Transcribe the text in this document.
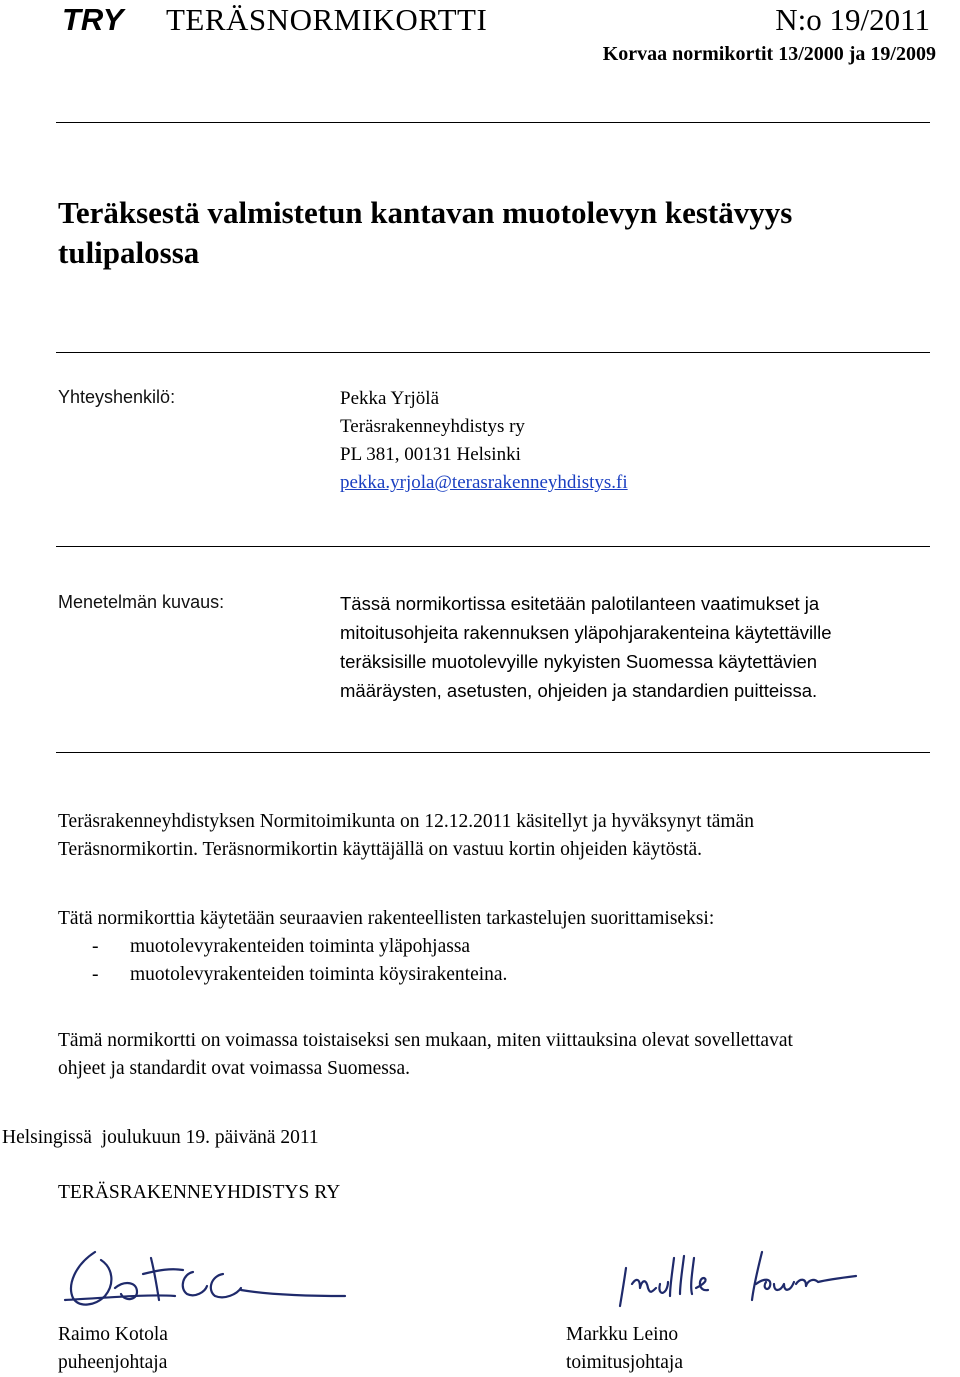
TRY TERÄSNORMIKORTTI	N:o 19/2011
Korvaa normikortit 13/2000 ja 19/2009
Teräksestä valmistetun kantavan muotolevyn kestävyys
tulipalossa
Yhteyshenkilö:	Pekka Yrjölä
Teräsrakenneyhdistys ry
PL 381, 00131 Helsinki
pekka.yrjola@terasrakenneyhdistys.fi
Menetelmän kuvaus:	Tässä normikortissa esitetään palotilanteen vaatimukset ja
mitoitusohjeita rakennuksen yläpohjarakenteina käytettäville
teräksisille muotolevyille nykyisten Suomessa käytettävien
määräysten, asetusten, ohjeiden ja standardien puitteissa.
Teräsrakenneyhdistyksen Normitoimikunta on 12.12.2011 käsitellyt ja hyväksynyt tämän
Teräsnormikortin. Teräsnormikortin käyttäjällä on vastuu kortin ohjeiden käytöstä.
Tätä normikorttia käytetään seuraavien rakenteellisten tarkastelujen suorittamiseksi:
-	muotolevyrakenteiden toiminta yläpohjassa
-	muotolevyrakenteiden toiminta köysirakenteina.
Tämä normikortti on voimassa toistaiseksi sen mukaan, miten viittauksina olevat sovellettavat
ohjeet ja standardit ovat voimassa Suomessa.
Helsingissä  joulukuun 19. päivänä 2011
TERÄSRAKENNEYHDISTYS RY
Raimo Kotola
puheenjohtaja
Markku Leino
toimitusjohtaja
